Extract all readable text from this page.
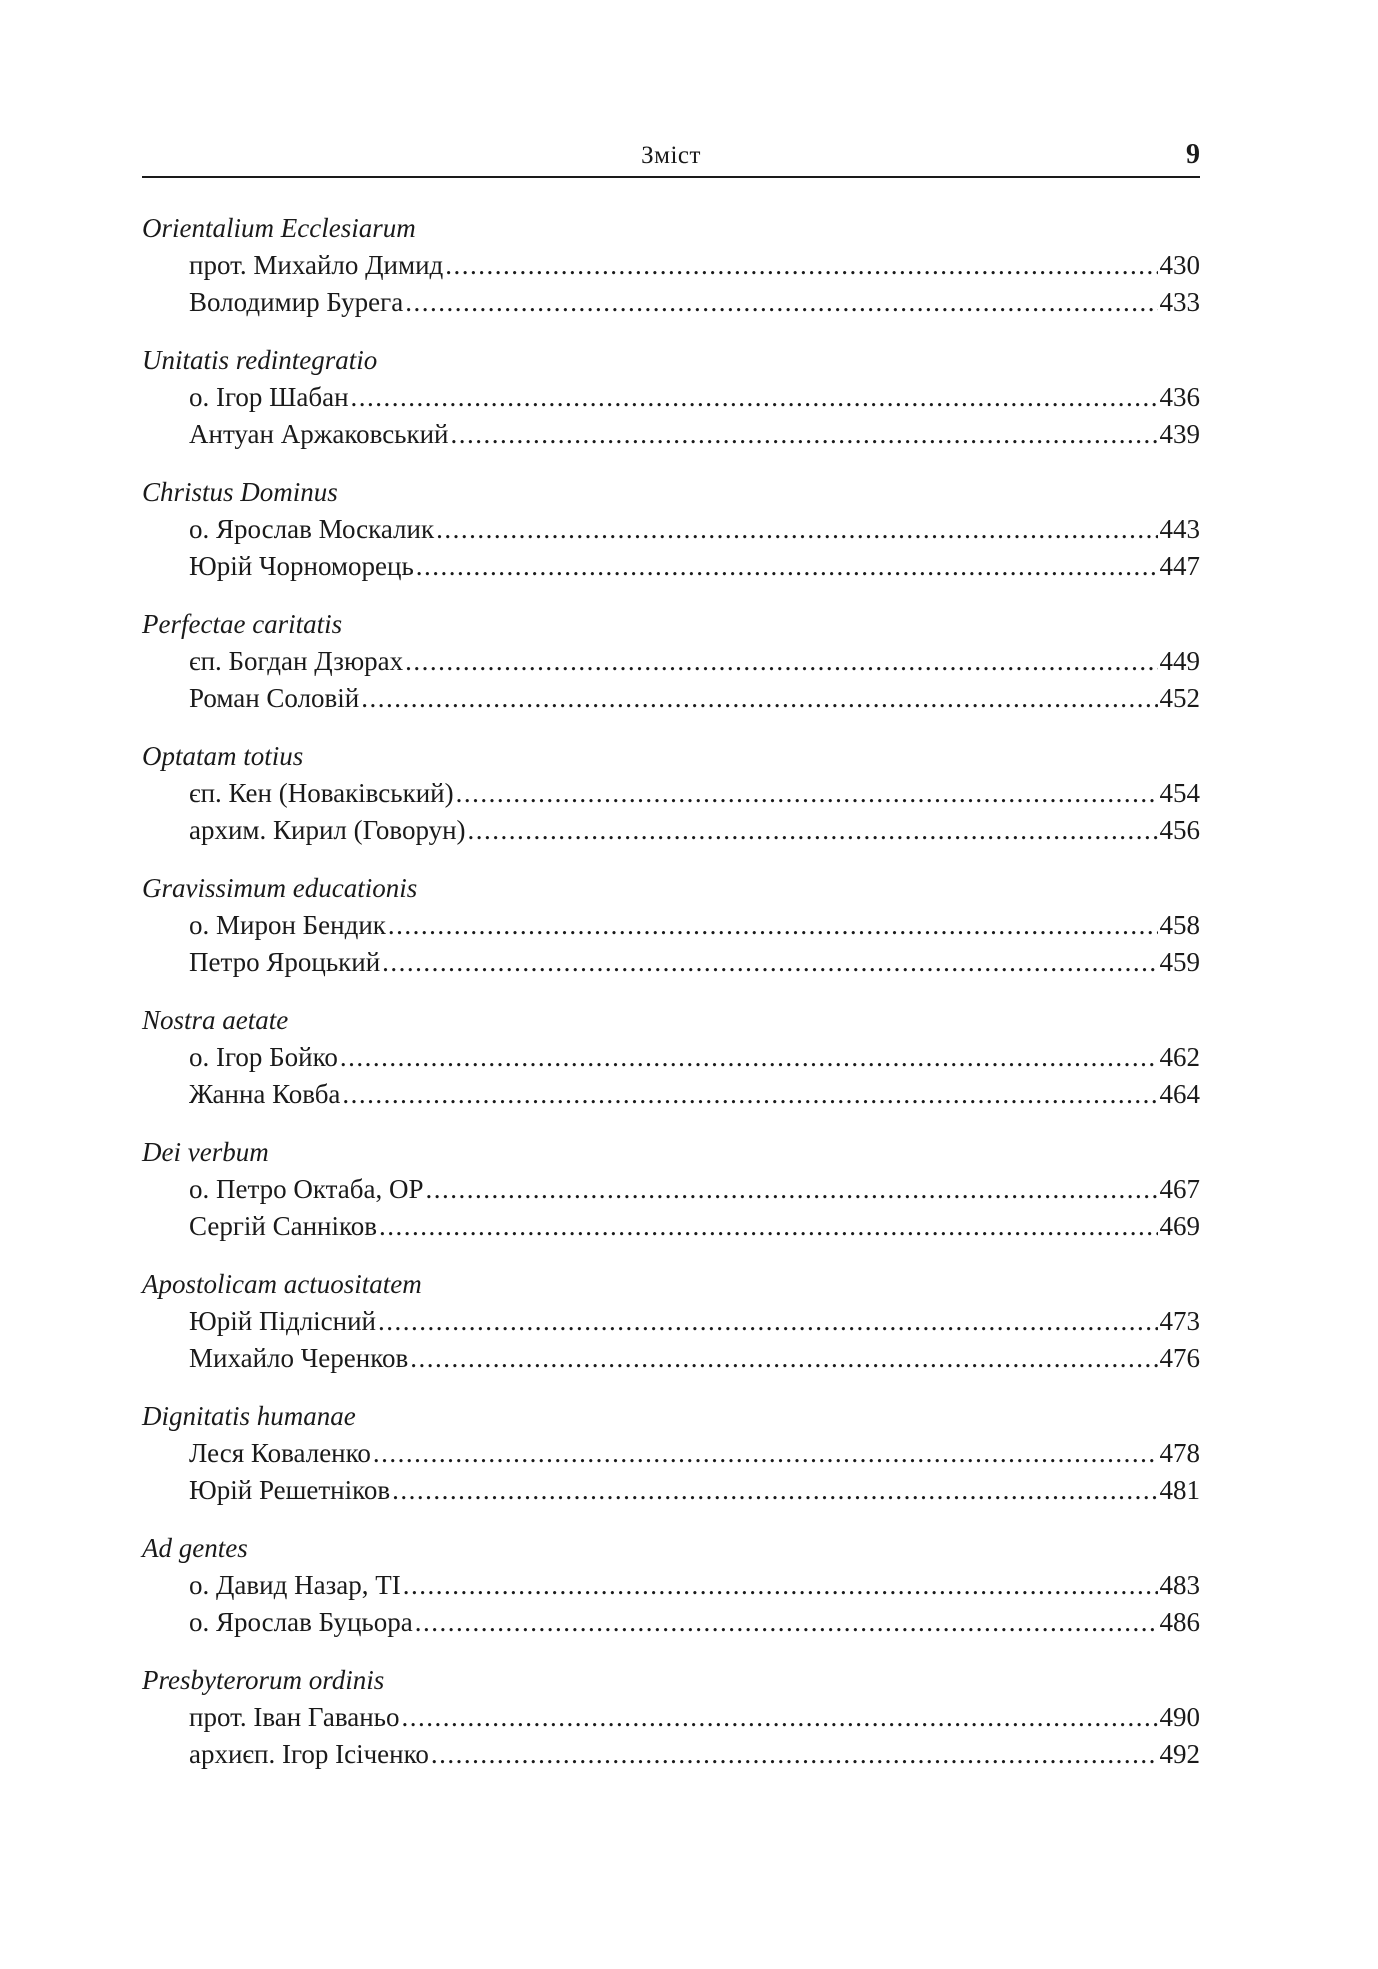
Зміст	9
Orientalium Ecclesiarum
прот. Михайло Димид .....	430
Володимир Бурега .....	433
Unitatis redintegratio
о. Ігор Шабан .....	436
Антуан Аржаковський .....	439
Christus Dominus
о. Ярослав Москалик .....	443
Юрій Чорноморець .....	447
Perfectae caritatis
єп. Богдан Дзюрах .....	449
Роман Соловій .....	452
Optatam totius
єп. Кен (Новаківський) .....	454
архим. Кирил (Говорун) .....	456
Gravissimum educationis
о. Мирон Бендик .....	458
Петро Яроцький .....	459
Nostra aetate
о. Ігор Бойко .....	462
Жанна Ковба .....	464
Dei verbum
о. Петро Октаба, ОР .....	467
Сергій Санніков .....	469
Apostolicam actuositatem
Юрій Підлісний .....	473
Михайло Черенков .....	476
Dignitatis humanae
Леся Коваленко .....	478
Юрій Решетніков .....	481
Ad gentes
о. Давид Назар, ТІ .....	483
о. Ярослав Буцьора .....	486
Presbyterorum ordinis
прот. Іван Гаваньо .....	490
архиєп. Ігор Ісіченко .....	492
